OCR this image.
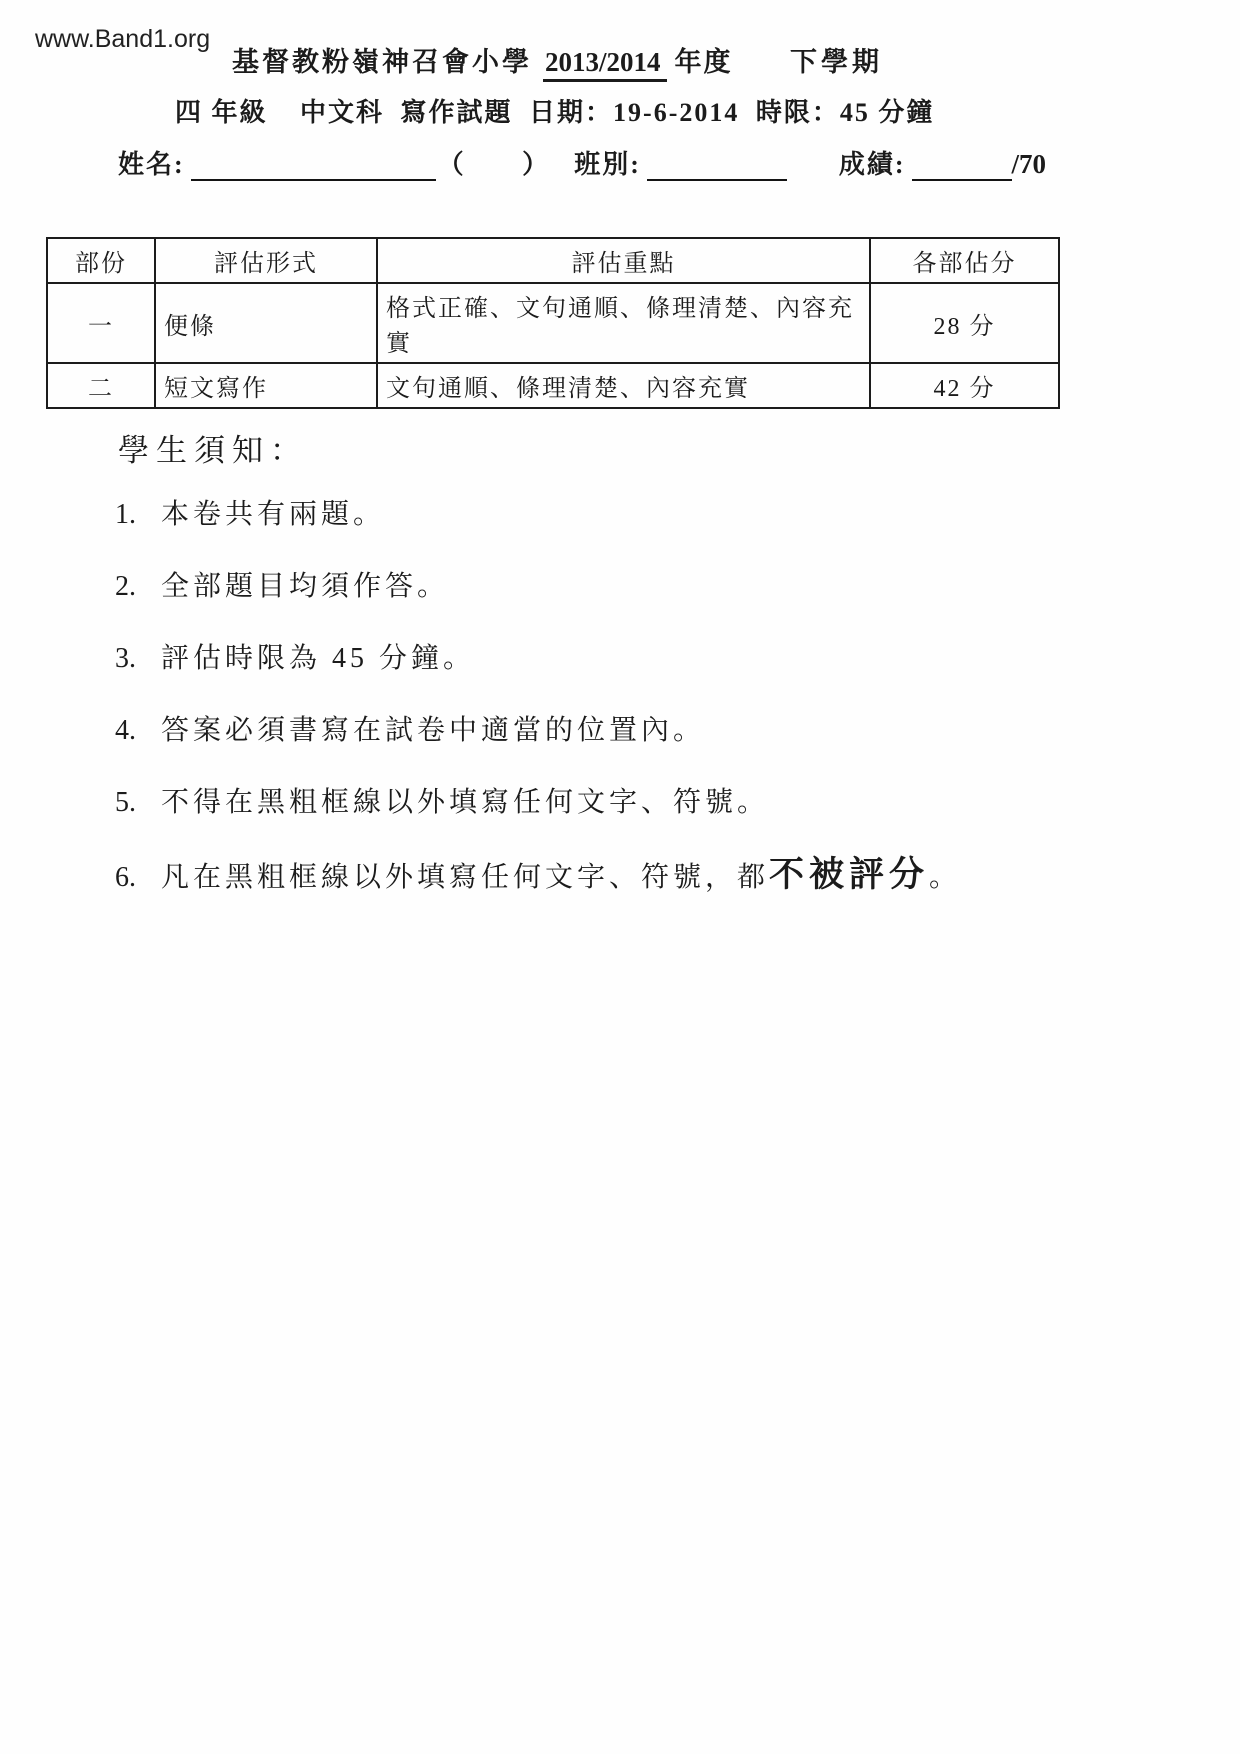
www.Band1.org
基督教粉嶺神召會小學 2013/2014 年度 下學期
四 年級 中文科 寫作試題 日期：19-6-2014 時限：45 分鐘
姓名:	（ ）班別:	成績:	/70
部份	評估形式	評估重點	各部佔分
一	便條	格式正確、文句通順、條理清楚、內容充實	28 分
二	短文寫作	文句通順、條理清楚、內容充實	42 分
學生須知：
1. 本卷共有兩題。
2. 全部題目均須作答。
3. 評估時限為 45 分鐘。
4. 答案必須書寫在試卷中適當的位置內。
5. 不得在黑粗框線以外填寫任何文字、符號。
6. 凡在黑粗框線以外填寫任何文字、符號，都不被評分。
